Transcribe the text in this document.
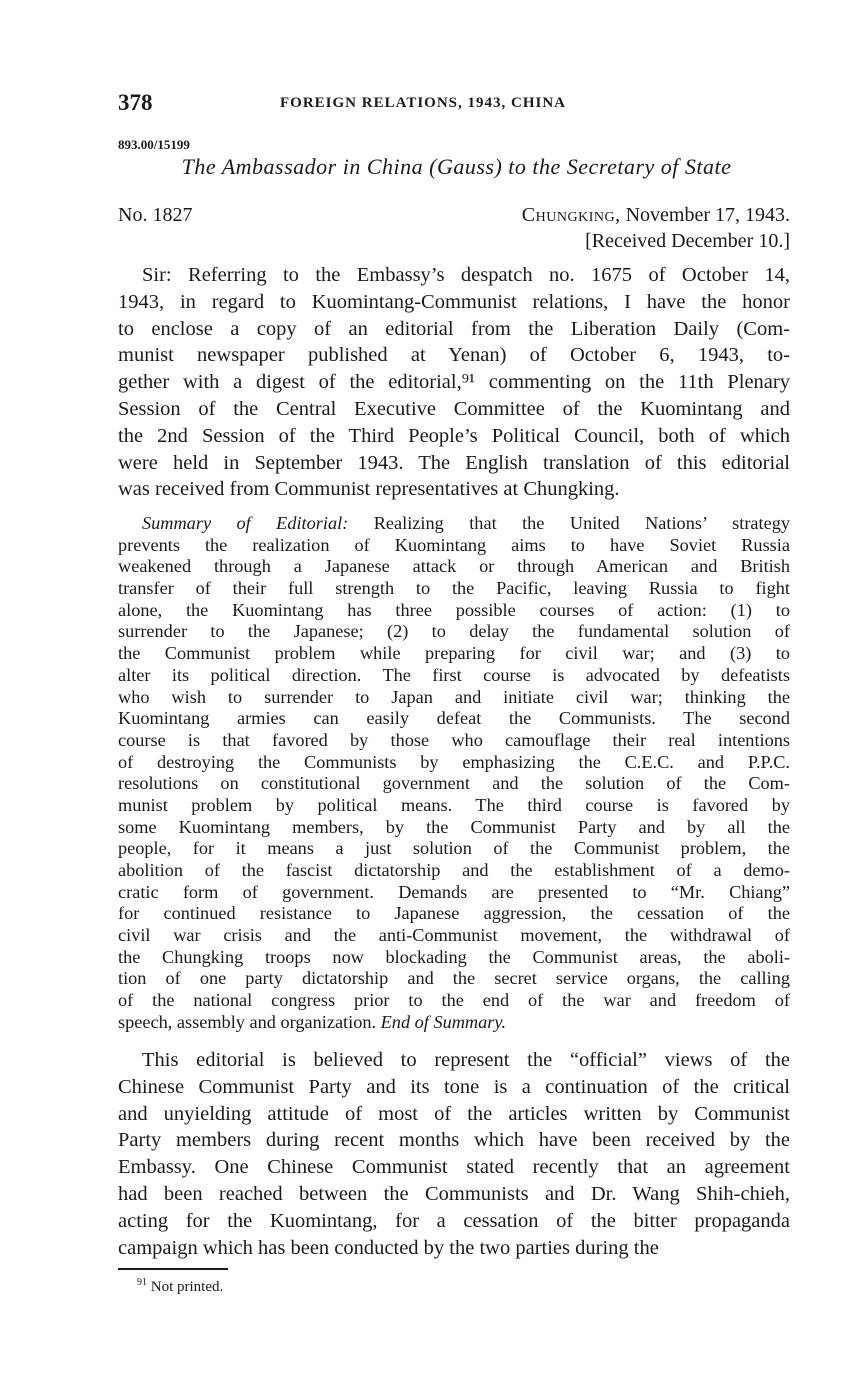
378	FOREIGN RELATIONS, 1943, CHINA
893.00/15199
The Ambassador in China (Gauss) to the Secretary of State
No. 1827	Chungking, November 17, 1943.
[Received December 10.]
Sir: Referring to the Embassy’s despatch no. 1675 of October 14,
1943, in regard to Kuomintang-Communist relations, I have the honor
to enclose a copy of an editorial from the Liberation Daily (Com-
munist newspaper published at Yenan) of October 6, 1943, to-
gether with a digest of the editorial,⁹¹ commenting on the 11th Plenary
Session of the Central Executive Committee of the Kuomintang and
the 2nd Session of the Third People’s Political Council, both of which
were held in September 1943. The English translation of this editorial
was received from Communist representatives at Chungking.
Summary of Editorial: Realizing that the United Nations’ strategy
prevents the realization of Kuomintang aims to have Soviet Russia
weakened through a Japanese attack or through American and British
transfer of their full strength to the Pacific, leaving Russia to fight
alone, the Kuomintang has three possible courses of action: (1) to
surrender to the Japanese; (2) to delay the fundamental solution of
the Communist problem while preparing for civil war; and (3) to
alter its political direction. The first course is advocated by defeatists
who wish to surrender to Japan and initiate civil war; thinking the
Kuomintang armies can easily defeat the Communists. The second
course is that favored by those who camouflage their real intentions
of destroying the Communists by emphasizing the C.E.C. and P.P.C.
resolutions on constitutional government and the solution of the Com-
munist problem by political means. The third course is favored by
some Kuomintang members, by the Communist Party and by all the
people, for it means a just solution of the Communist problem, the
abolition of the fascist dictatorship and the establishment of a demo-
cratic form of government. Demands are presented to “Mr. Chiang”
for continued resistance to Japanese aggression, the cessation of the
civil war crisis and the anti-Communist movement, the withdrawal of
the Chungking troops now blockading the Communist areas, the aboli-
tion of one party dictatorship and the secret service organs, the calling
of the national congress prior to the end of the war and freedom of
speech, assembly and organization. End of Summary.
This editorial is believed to represent the “official” views of the
Chinese Communist Party and its tone is a continuation of the critical
and unyielding attitude of most of the articles written by Communist
Party members during recent months which have been received by the
Embassy. One Chinese Communist stated recently that an agreement
had been reached between the Communists and Dr. Wang Shih-chieh,
acting for the Kuomintang, for a cessation of the bitter propaganda
campaign which has been conducted by the two parties during the
$^{91}$ Not printed.
